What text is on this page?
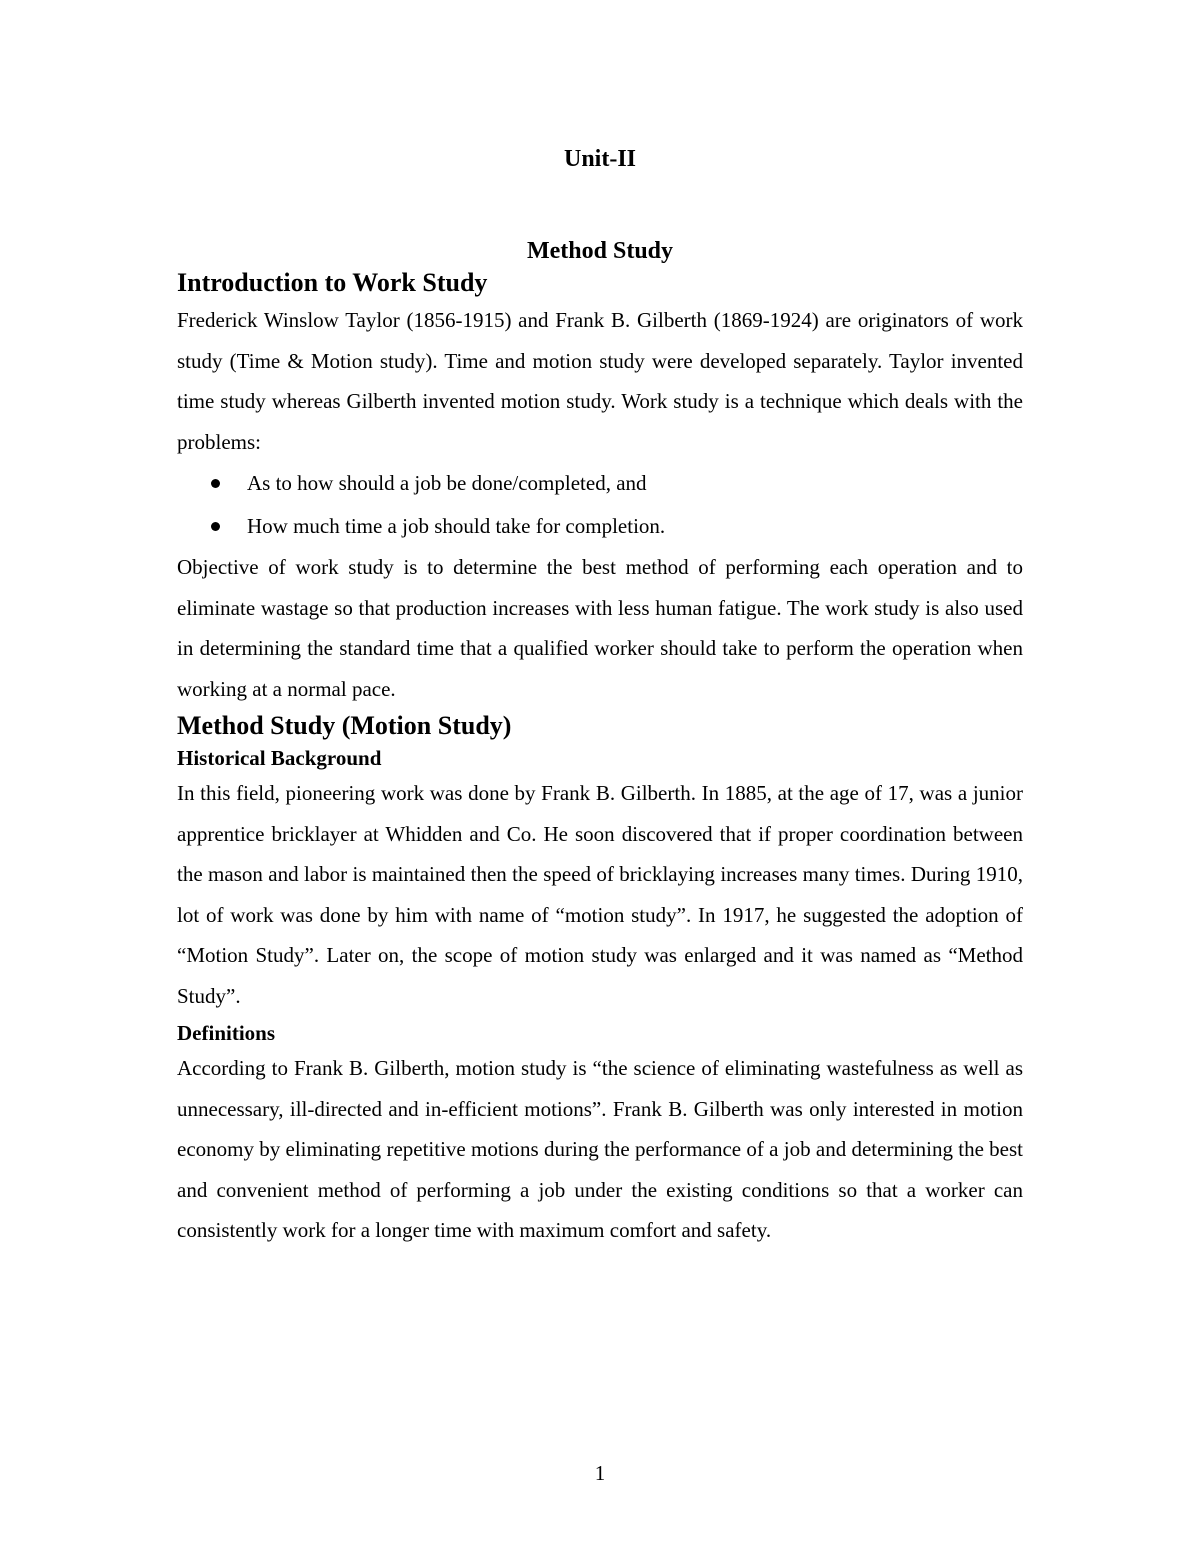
Unit-II
Method Study
Introduction to Work Study

Frederick Winslow Taylor (1856-1915) and Frank B. Gilberth (1869-1924) are originators of work study (Time & Motion study). Time and motion study were developed separately. Taylor invented time study whereas Gilberth invented motion study. Work study is a technique which deals with the problems:

As to how should a job be done/completed, and
How much time a job should take for completion.

Objective of work study is to determine the best method of performing each operation and to eliminate wastage so that production increases with less human fatigue. The work study is also used in determining the standard time that a qualified worker should take to perform the operation when working at a normal pace.

Method Study (Motion Study)
Historical Background

In this field, pioneering work was done by Frank B. Gilberth. In 1885, at the age of 17, was a junior apprentice bricklayer at Whidden and Co. He soon discovered that if proper coordination between the mason and labor is maintained then the speed of bricklaying increases many times. During 1910, lot of work was done by him with name of “motion study”. In 1917, he suggested the adoption of “Motion Study”. Later on, the scope of motion study was enlarged and it was named as “Method Study”.

Definitions

According to Frank B. Gilberth, motion study is “the science of eliminating wastefulness as well as unnecessary, ill-directed and in-efficient motions”. Frank B. Gilberth was only interested in motion economy by eliminating repetitive motions during the performance of a job and determining the best and convenient method of performing a job under the existing conditions so that a worker can consistently work for a longer time with maximum comfort and safety.

1
